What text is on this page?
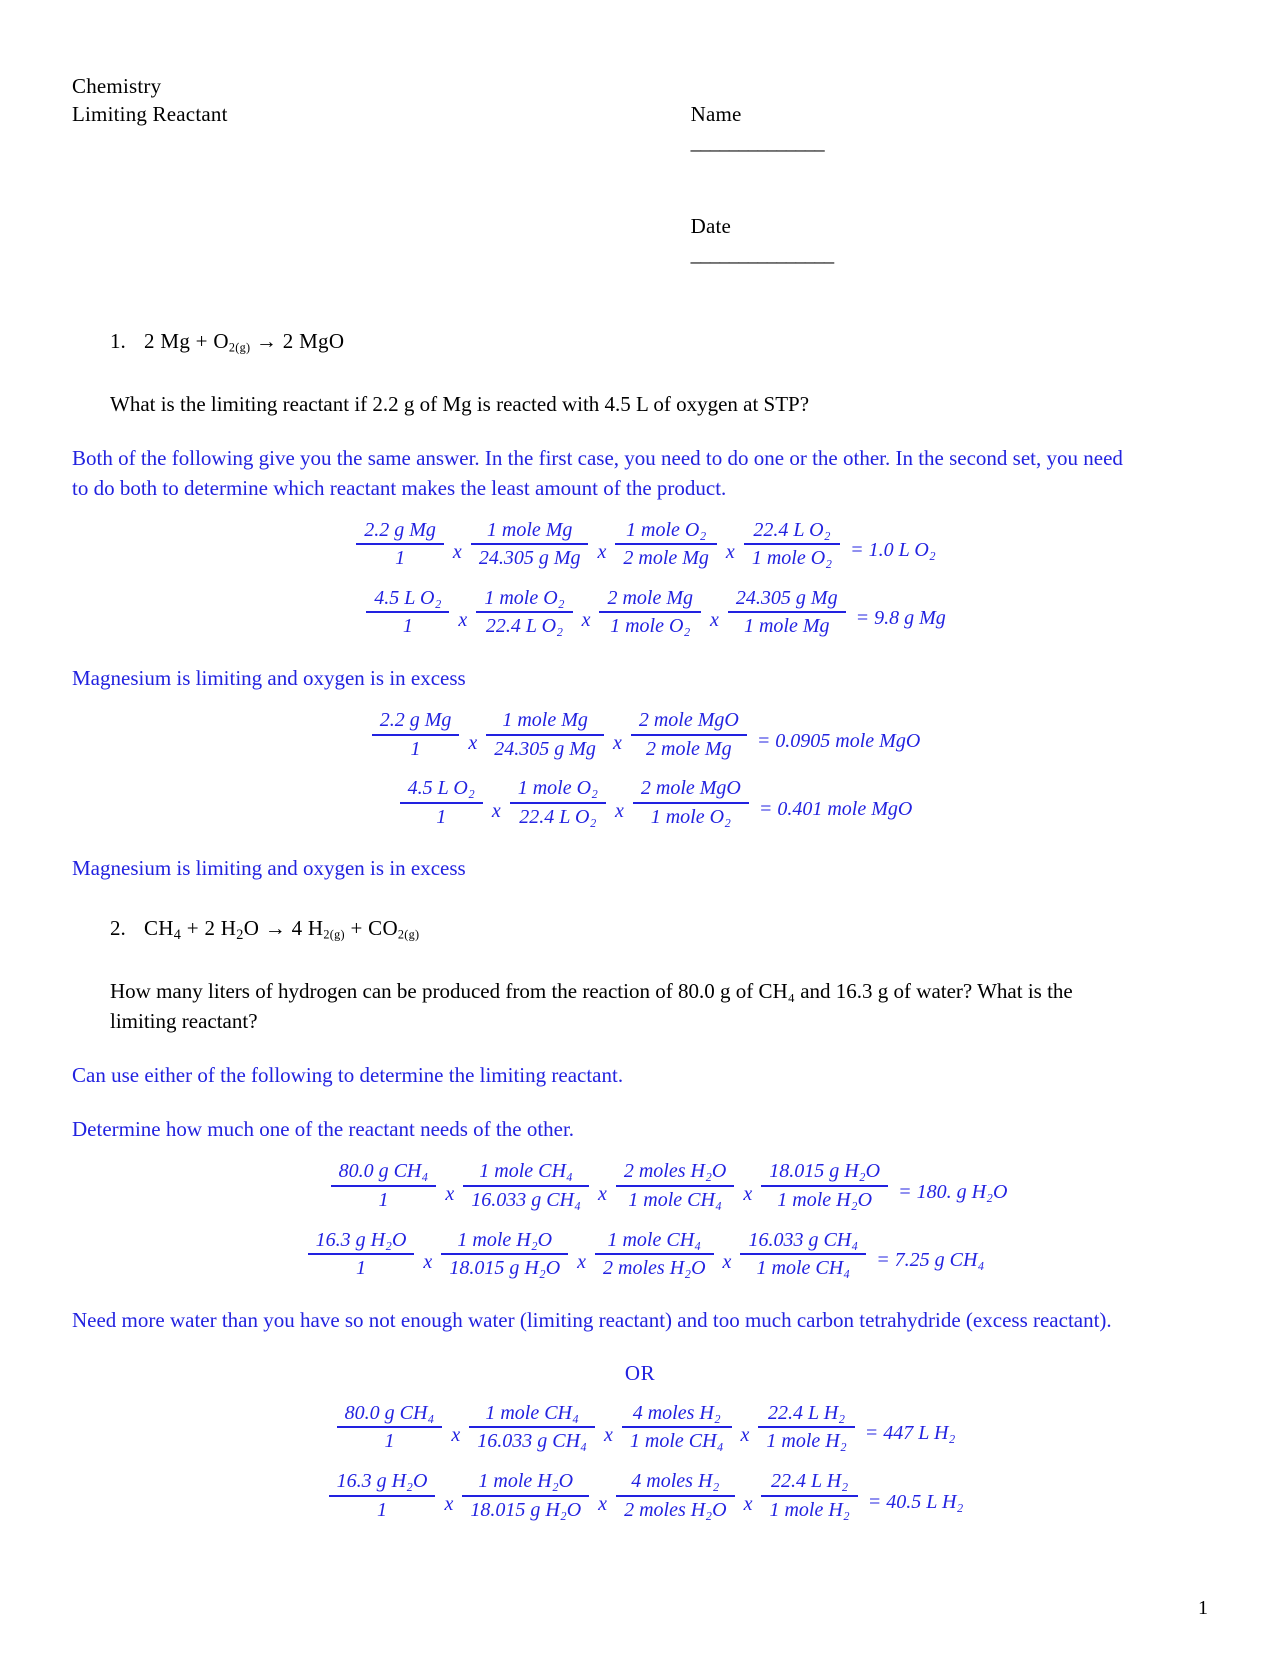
Chemistry
Limiting Reactant	Name
______________

Date
_______________

1. 2 $Mg + O_{2(g)} \to 2$ MgO
What is the limiting reactant if 2.2 g of Mg is reacted with 4.5 L of oxygen at STP?
Both of the following give you the same answer. In the first case, you need to do one or the other. In the second set, you need to do both to determine which reactant makes the least amount of the product.
$\frac{\text{2.2 g Mg}}{1}$ x $\frac{\text{1 mole Mg}}{\text{24.305 g Mg}}$ x $\frac{\text{1 mole O₂}}{\text{2 mole Mg}}$ x $\frac{\text{22.4 L O₂}}{\text{1 mole O₂}} = 1.0$ L O₂
$\frac{\text{4.5 L O₂}}{1}$ x $\frac{\text{1 mole O₂}}{\text{22.4 L O₂}}$ x $\frac{\text{2 mole Mg}}{\text{1 mole O₂}}$ x $\frac{\text{24.305 g Mg}}{\text{1 mole Mg}} = 9.8$ g Mg
Magnesium is limiting and oxygen is in excess
$\frac{\text{2.2 g Mg}}{1}$ x $\frac{\text{1 mole Mg}}{\text{24.305 g Mg}}$ x $\frac{\text{2 mole MgO}}{\text{2 mole Mg}} = 0.0905$ mole MgO
$\frac{\text{4.5 L O₂}}{1}$ x $\frac{\text{1 mole O₂}}{\text{22.4 L O₂}}$ x $\frac{\text{2 mole MgO}}{\text{1 mole O₂}} = 0.401$ mole MgO
Magnesium is limiting and oxygen is in excess
2. $CH_4 + 2$ $H_2O \to 4$ $H_{2(g)} + CO_{2(g)}$
How many liters of hydrogen can be produced from the reaction of 80.0 g of CH₄ and 16.3 g of water? What is the limiting reactant?
Can use either of the following to determine the limiting reactant.
Determine how much one of the reactant needs of the other.
$\frac{\text{80.0 g CH₄}}{1}$ x $\frac{\text{1 mole CH₄}}{\text{16.033 g CH₄}}$ x $\frac{\text{2 moles H₂O}}{\text{1 mole CH₄}}$ x $\frac{\text{18.015 g H₂O}}{\text{1 mole H₂O}} = 180$. g H₂O
$\frac{\text{16.3 g H₂O}}{1}$ x $\frac{\text{1 mole H₂O}}{\text{18.015 g H₂O}}$ x $\frac{\text{1 mole CH₄}}{\text{2 moles H₂O}}$ x $\frac{\text{16.033 g CH₄}}{\text{1 mole CH₄}} = 7.25$ g CH₄
Need more water than you have so not enough water (limiting reactant) and too much carbon tetrahydride (excess reactant).
OR
$\frac{\text{80.0 g CH₄}}{1}$ x $\frac{\text{1 mole CH₄}}{\text{16.033 g CH₄}}$ x $\frac{\text{4 moles H₂}}{\text{1 mole CH₄}}$ x $\frac{\text{22.4 L H₂}}{\text{1 mole H₂}} = 447$ L H₂
$\frac{\text{16.3 g H₂O}}{1}$ x $\frac{\text{1 mole H₂O}}{\text{18.015 g H₂O}}$ x $\frac{\text{4 moles H₂}}{\text{2 moles H₂O}}$ x $\frac{\text{22.4 L H₂}}{\text{1 mole H₂}} = 40.5$ L H₂
1
